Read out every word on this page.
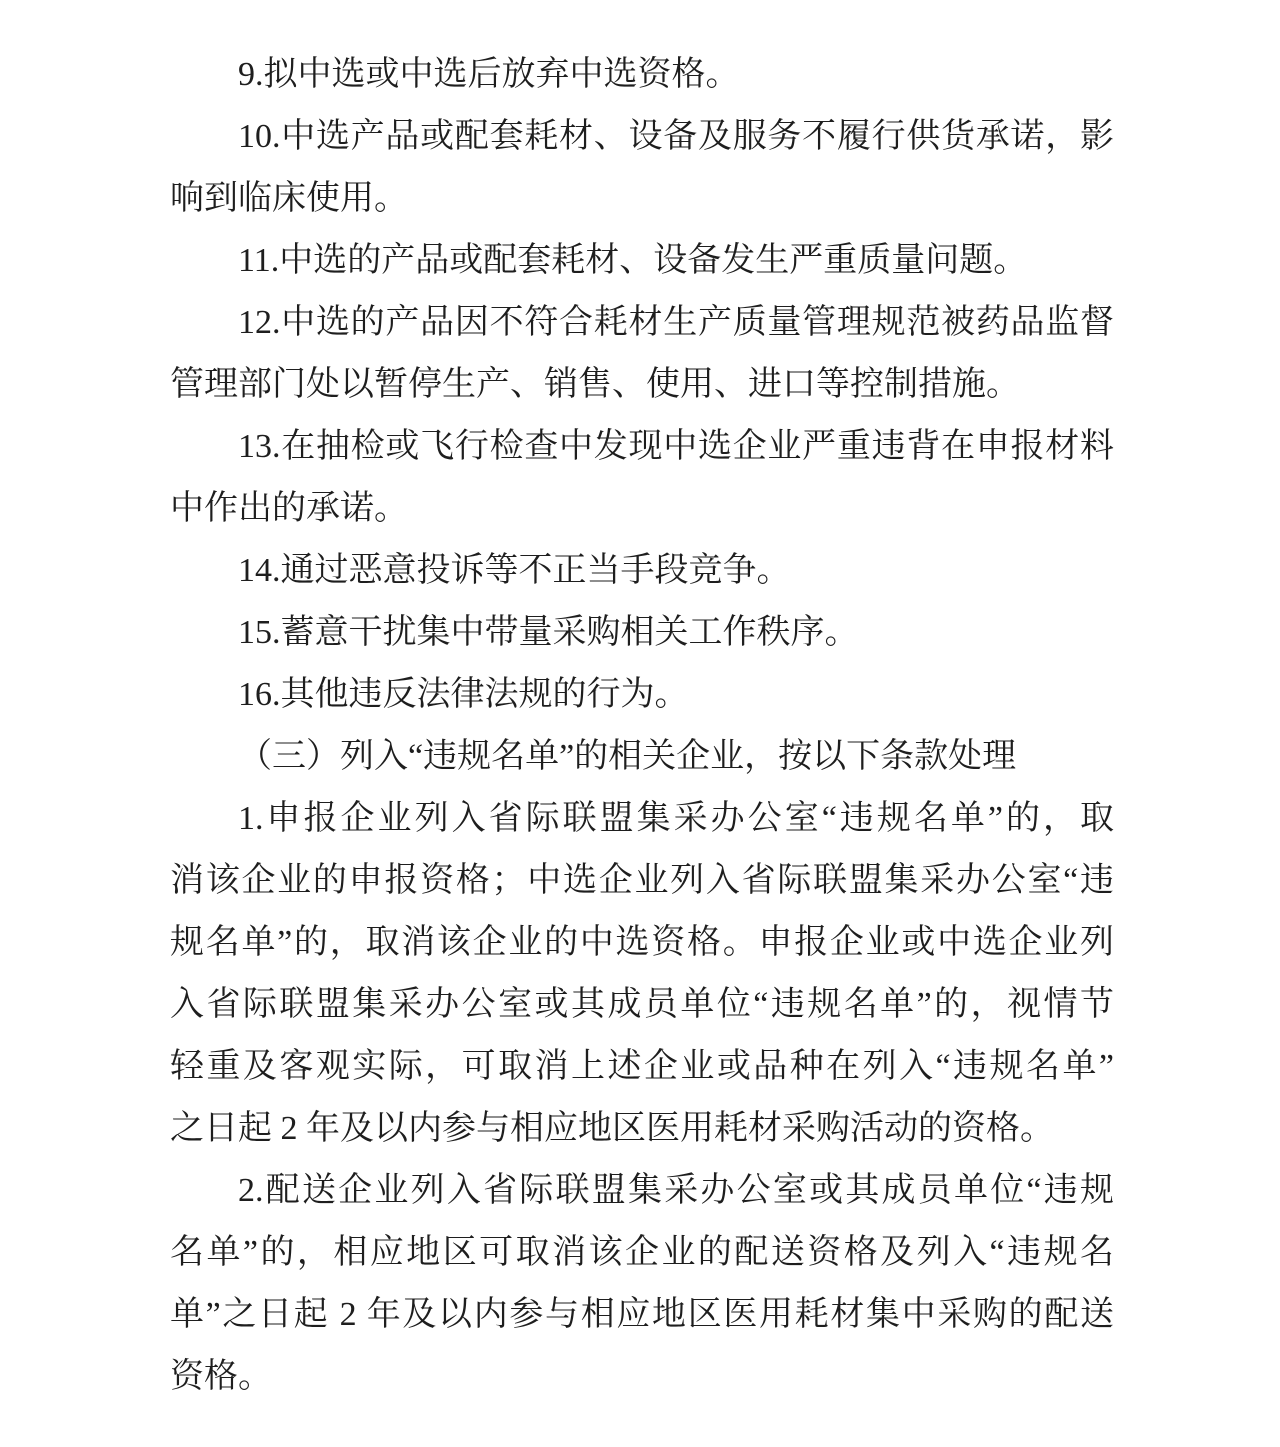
9.拟中选或中选后放弃中选资格。
10.中选产品或配套耗材、设备及服务不履行供货承诺，影
响到临床使用。
11.中选的产品或配套耗材、设备发生严重质量问题。
12.中选的产品因不符合耗材生产质量管理规范被药品监督
管理部门处以暂停生产、销售、使用、进口等控制措施。
13.在抽检或飞行检查中发现中选企业严重违背在申报材料
中作出的承诺。
14.通过恶意投诉等不正当手段竞争。
15.蓄意干扰集中带量采购相关工作秩序。
16.其他违反法律法规的行为。
（三）列入“违规名单”的相关企业，按以下条款处理
1.申报企业列入省际联盟集采办公室“违规名单”的，取
消该企业的申报资格；中选企业列入省际联盟集采办公室“违
规名单”的，取消该企业的中选资格。申报企业或中选企业列
入省际联盟集采办公室或其成员单位“违规名单”的，视情节
轻重及客观实际，可取消上述企业或品种在列入“违规名单”
之日起 2 年及以内参与相应地区医用耗材采购活动的资格。
2.配送企业列入省际联盟集采办公室或其成员单位“违规
名单”的，相应地区可取消该企业的配送资格及列入“违规名
单”之日起 2 年及以内参与相应地区医用耗材集中采购的配送
资格。
